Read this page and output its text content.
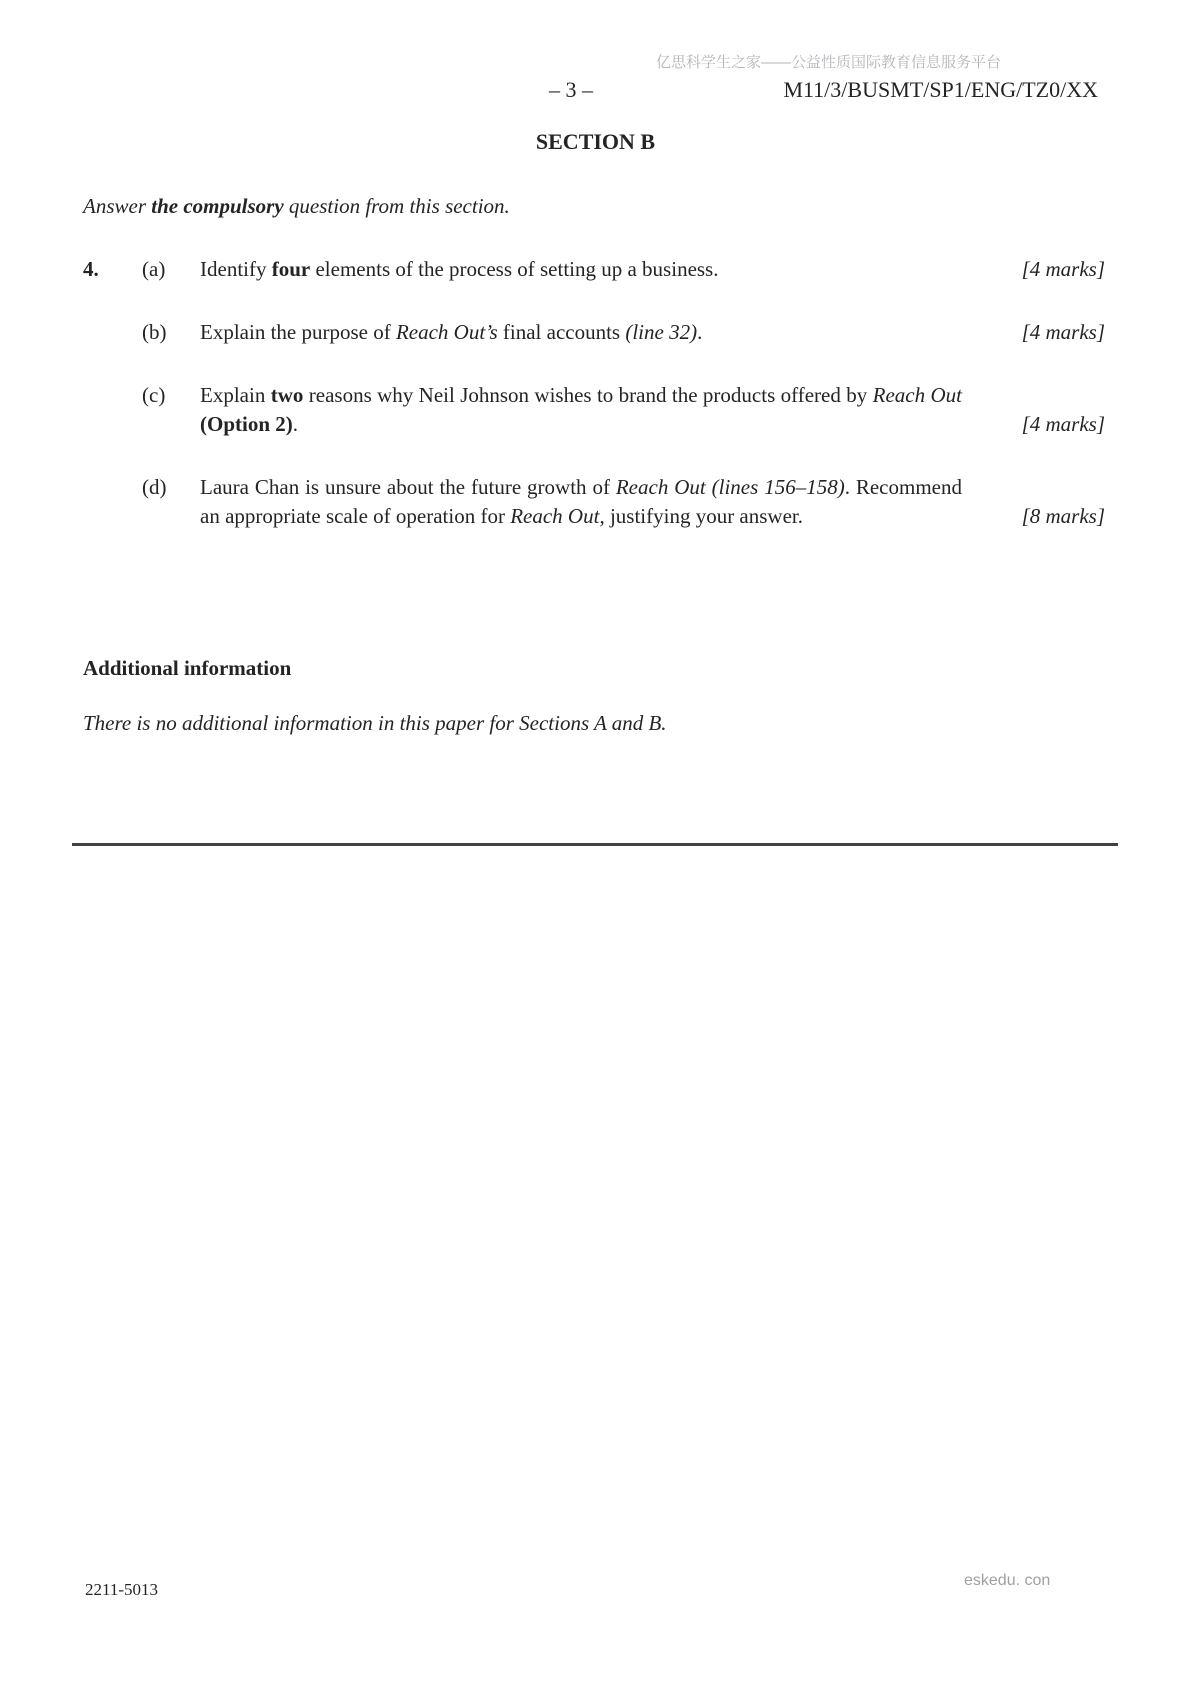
亿思科学生之家——公益性质国际教育信息服务平台
– 3 –	M11/3/BUSMT/SP1/ENG/TZ0/XX
SECTION B
Answer the compulsory question from this section.
4.	(a)	Identify four elements of the process of setting up a business.	[4 marks]
(b)	Explain the purpose of Reach Out’s final accounts (line 32).	[4 marks]
(c)	Explain two reasons why Neil Johnson wishes to brand the products offered by Reach Out (Option 2).	[4 marks]
(d)	Laura Chan is unsure about the future growth of Reach Out (lines 156–158). Recommend an appropriate scale of operation for Reach Out, justifying your answer.	[8 marks]
Additional information
There is no additional information in this paper for Sections A and B.
2211-5013	eskedu. con
